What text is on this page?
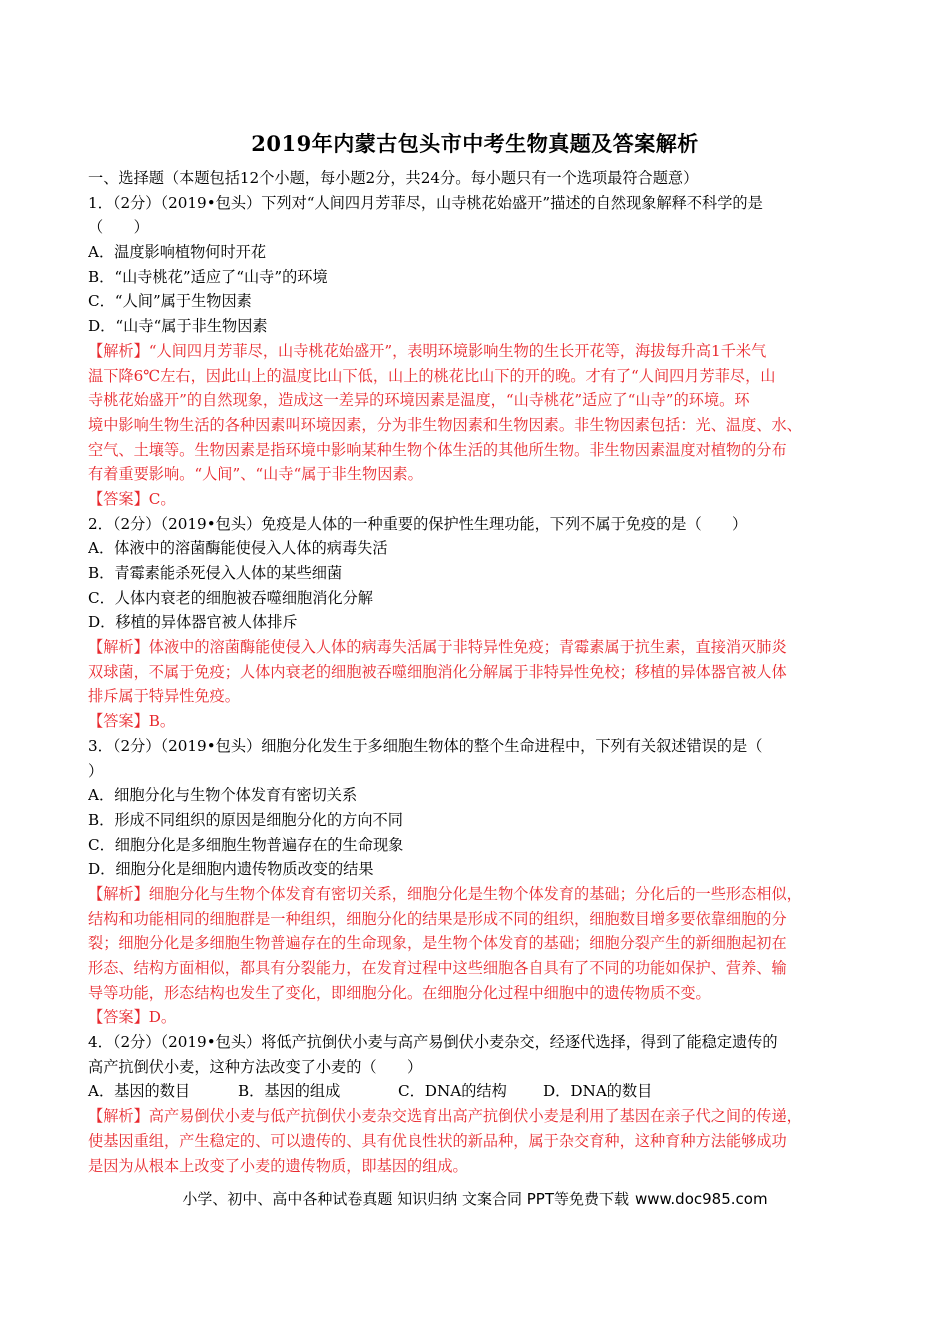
2019年内蒙古包头市中考生物真题及答案解析
一、选择题（本题包括12个小题，每小题2分，共24分。每小题只有一个选项最符合题意）
1．（2分）（2019•包头）下列对“人间四月芳菲尽，山寺桃花始盛开”描述的自然现象解释不科学的是
（　　）
A．温度影响植物何时开花
B．“山寺桃花”适应了“山寺”的环境
C．“人间”属于生物因素
D．“山寺“属于非生物因素
【解析】“人间四月芳菲尽，山寺桃花始盛开”，表明环境影响生物的生长开花等，海拔每升高1千米气
温下降6℃左右，因此山上的温度比山下低，山上的桃花比山下的开的晚。才有了“人间四月芳菲尽，山
寺桃花始盛开”的自然现象，造成这一差异的环境因素是温度，“山寺桃花”适应了“山寺”的环境。环
境中影响生物生活的各种因素叫环境因素，分为非生物因素和生物因素。非生物因素包括：光、温度、水、
空气、土壤等。生物因素是指环境中影响某种生物个体生活的其他所生物。非生物因素温度对植物的分布
有着重要影响。“人间”、“山寺“属于非生物因素。
【答案】C。
2．（2分）（2019•包头）免疫是人体的一种重要的保护性生理功能，下列不属于免疫的是（　　）
A．体液中的溶菌酶能使侵入人体的病毒失活
B．青霉素能杀死侵入人体的某些细菌
C．人体内衰老的细胞被吞噬细胞消化分解
D．移植的异体器官被人体排斥
【解析】体液中的溶菌酶能使侵入人体的病毒失活属于非特异性免疫；青霉素属于抗生素，直接消灭肺炎
双球菌，不属于免疫；人体内衰老的细胞被吞噬细胞消化分解属于非特异性免校；移植的异体器官被人体
排斥属于特异性免疫。
【答案】B。
3．（2分）（2019•包头）细胞分化发生于多细胞生物体的整个生命进程中，下列有关叙述错误的是（
）
A．细胞分化与生物个体发育有密切关系
B．形成不同组织的原因是细胞分化的方向不同
C．细胞分化是多细胞生物普遍存在的生命现象
D．细胞分化是细胞内遗传物质改变的结果
【解析】细胞分化与生物个体发育有密切关系，细胞分化是生物个体发育的基础；分化后的一些形态相似，
结构和功能相同的细胞群是一种组织，细胞分化的结果是形成不同的组织，细胞数目增多要依靠细胞的分
裂；细胞分化是多细胞生物普遍存在的生命现象，是生物个体发育的基础；细胞分裂产生的新细胞起初在
形态、结构方面相似，都具有分裂能力，在发育过程中这些细胞各自具有了不同的功能如保护、营养、输
导等功能，形态结构也发生了变化，即细胞分化。在细胞分化过程中细胞中的遗传物质不变。
【答案】D。
4．（2分）（2019•包头）将低产抗倒伏小麦与高产易倒伏小麦杂交，经逐代选择，得到了能稳定遗传的
高产抗倒伏小麦，这种方法改变了小麦的（　　）
A．基因的数目	B．基因的组成	C．DNA的结构 D．DNA的数目
【解析】高产易倒伏小麦与低产抗倒伏小麦杂交选育出高产抗倒伏小麦是利用了基因在亲子代之间的传递，
使基因重组，产生稳定的、可以遗传的、具有优良性状的新品种，属于杂交育种，这种育种方法能够成功
是因为从根本上改变了小麦的遗传物质，即基因的组成。
小学、初中、高中各种试卷真题 知识归纳 文案合同 PPT等免费下载 www.doc985.com
